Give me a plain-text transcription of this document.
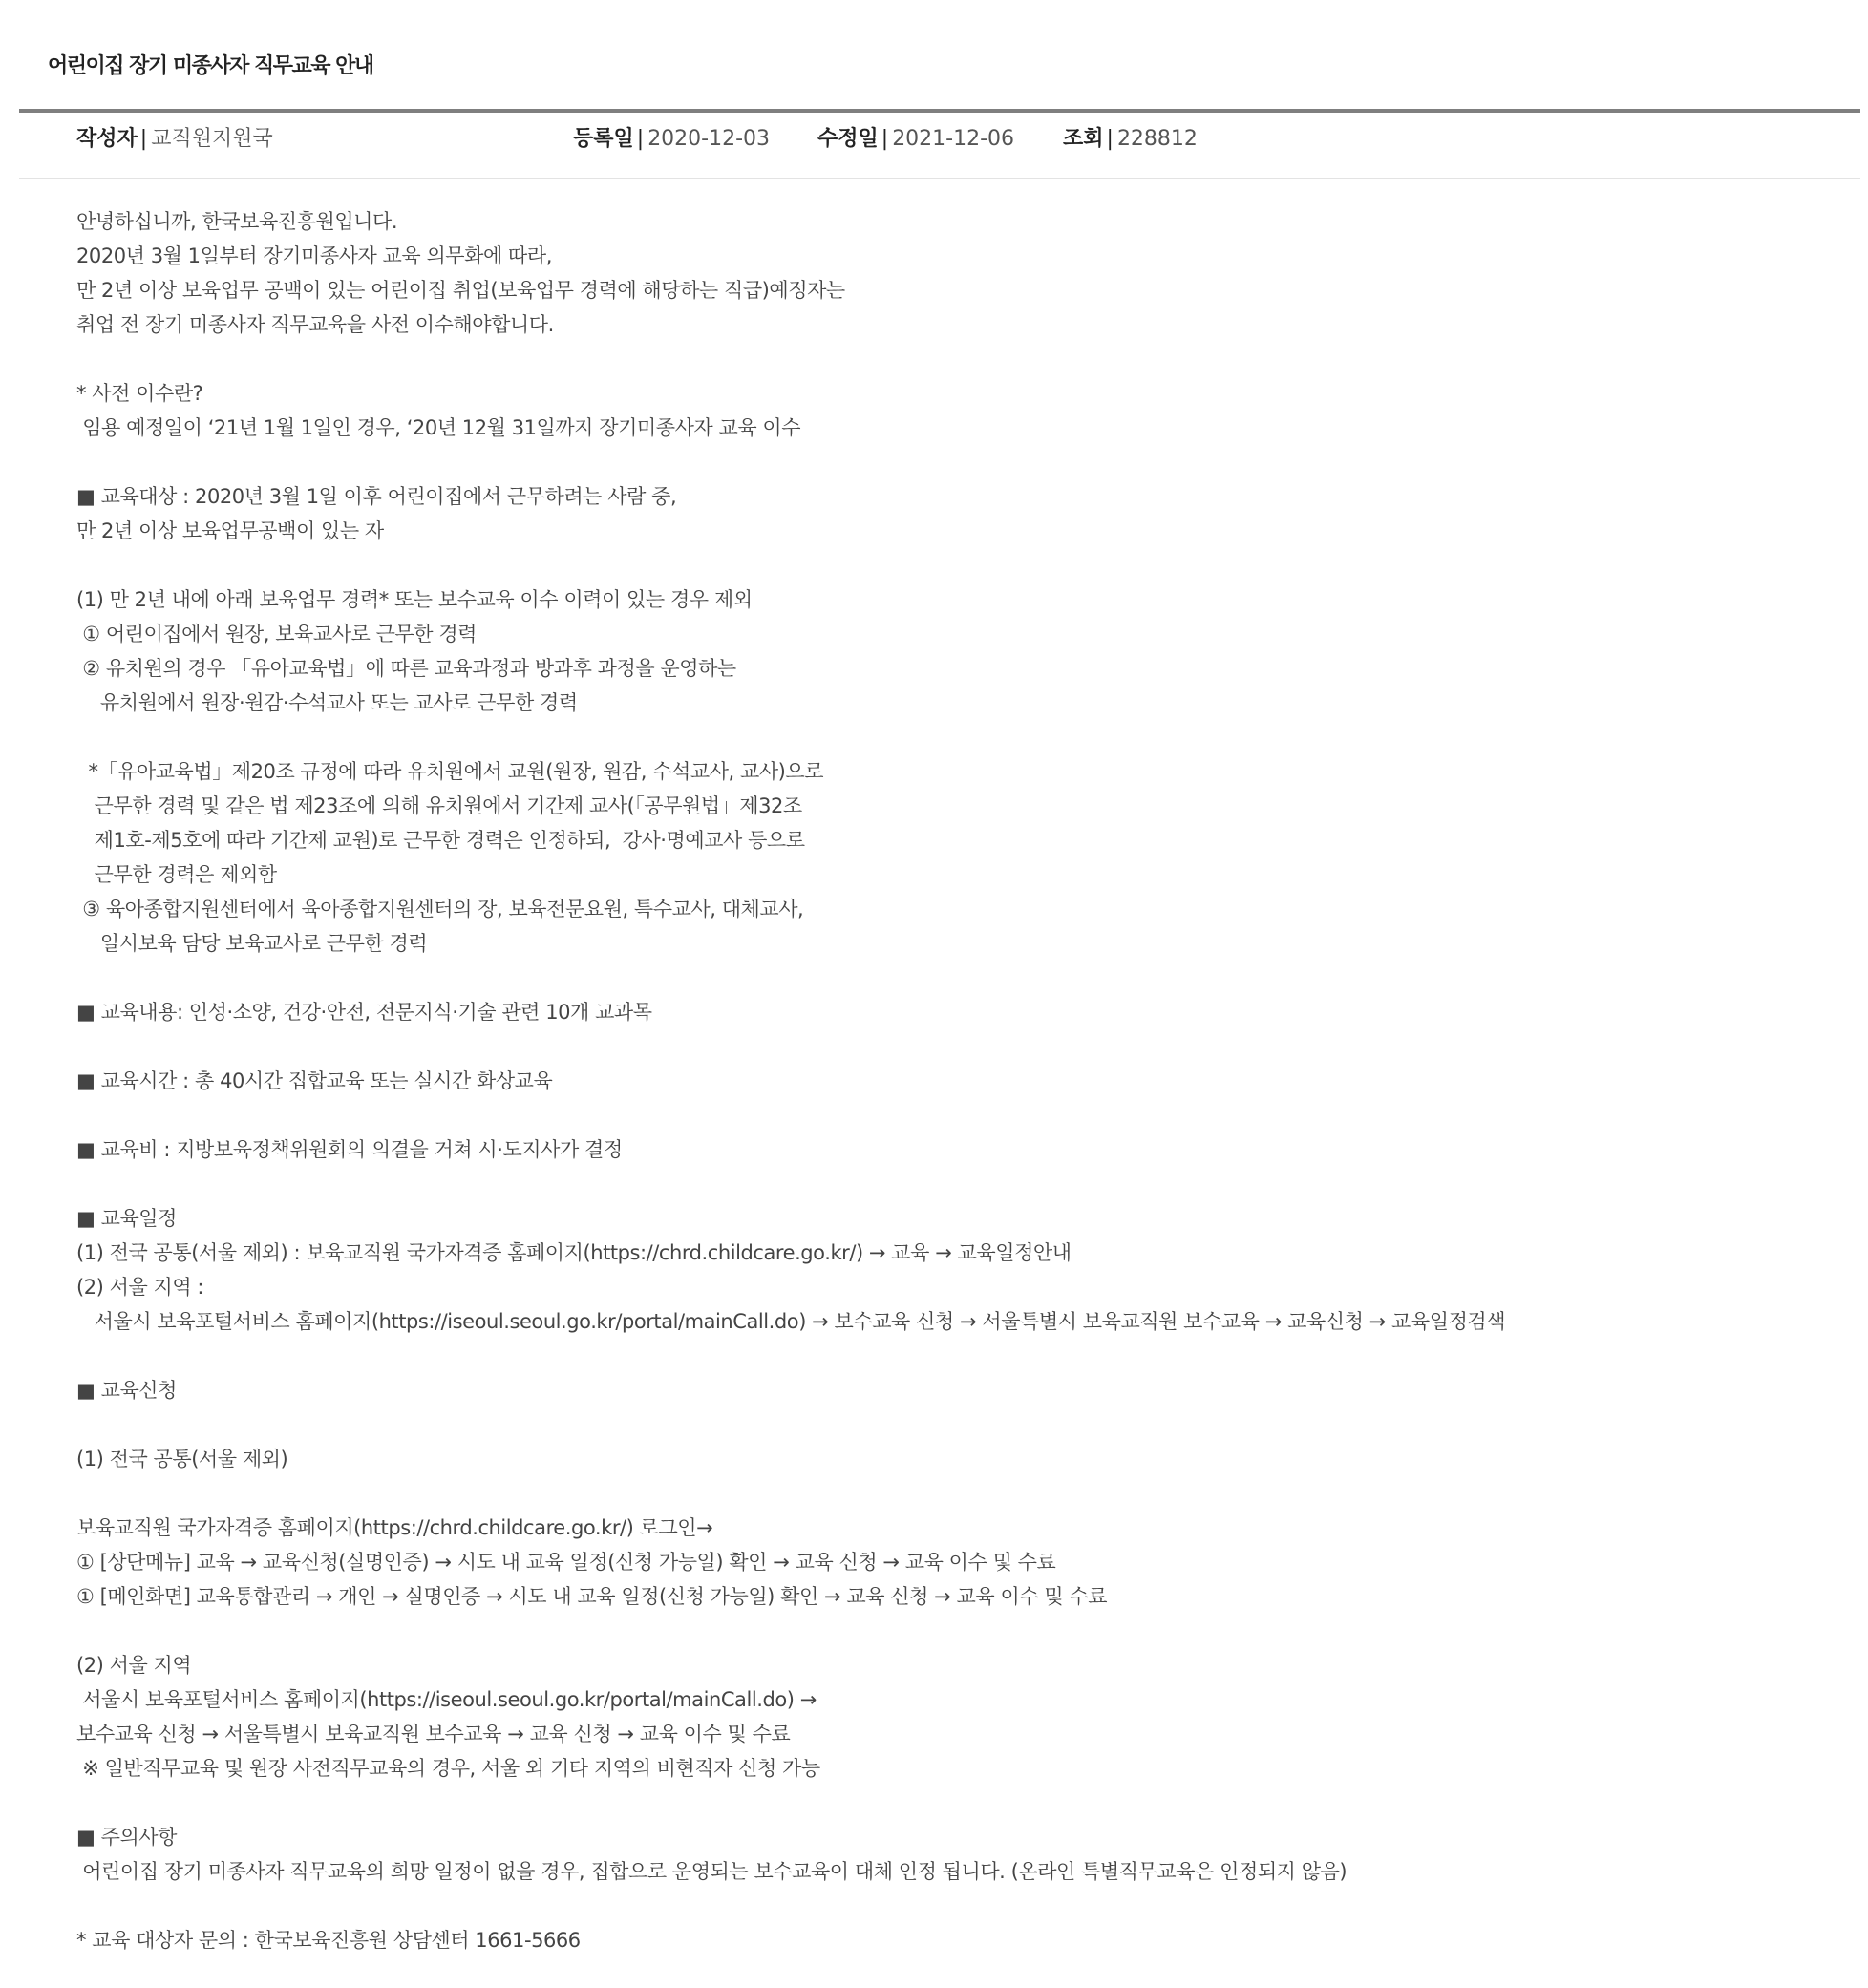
어린이집 장기 미종사자 직무교육 안내
작성자 | 교직원지원국	등록일 | 2020-12-03 수정일 | 2021-12-06 조회 | 228812
안녕하십니까, 한국보육진흥원입니다.
2020년 3월 1일부터 장기미종사자 교육 의무화에 따라,
만 2년 이상 보육업무 공백이 있는 어린이집 취업(보육업무 경력에 해당하는 직급)예정자는
취업 전 장기 미종사자 직무교육을 사전 이수해야합니다.
* 사전 이수란?
임용 예정일이 ‘21년 1월 1일인 경우, ‘20년 12월 31일까지 장기미종사자 교육 이수
■ 교육대상 : 2020년 3월 1일 이후 어린이집에서 근무하려는 사람 중,
만 2년 이상 보육업무공백이 있는 자
(1) 만 2년 내에 아래 보육업무 경력* 또는 보수교육 이수 이력이 있는 경우 제외
① 어린이집에서 원장, 보육교사로 근무한 경력
② 유치원의 경우 「유아교육법」에 따른 교육과정과 방과후 과정을 운영하는
유치원에서 원장·원감·수석교사 또는 교사로 근무한 경력
*「유아교육법」제20조 규정에 따라 유치원에서 교원(원장, 원감, 수석교사, 교사)으로
근무한 경력 및 같은 법 제23조에 의해 유치원에서 기간제 교사(「공무원법」제32조
제1호-제5호에 따라 기간제 교원)로 근무한 경력은 인정하되,  강사·명예교사 등으로
근무한 경력은 제외함
③ 육아종합지원센터에서 육아종합지원센터의 장, 보육전문요원, 특수교사, 대체교사,
일시보육 담당 보육교사로 근무한 경력
■ 교육내용: 인성·소양, 건강·안전, 전문지식·기술 관련 10개 교과목
■ 교육시간 : 총 40시간 집합교육 또는 실시간 화상교육
■ 교육비 : 지방보육정책위원회의 의결을 거쳐 시·도지사가 결정
■ 교육일정
(1) 전국 공통(서울 제외) : 보육교직원 국가자격증 홈페이지(https://chrd.childcare.go.kr/) → 교육 → 교육일정안내
(2) 서울 지역 :
서울시 보육포털서비스 홈페이지(https://iseoul.seoul.go.kr/portal/mainCall.do) → 보수교육 신청 → 서울특별시 보육교직원 보수교육 → 교육신청 → 교육일정검색
■ 교육신청
(1) 전국 공통(서울 제외)
보육교직원 국가자격증 홈페이지(https://chrd.childcare.go.kr/) 로그인→
① [상단메뉴] 교육 → 교육신청(실명인증) → 시도 내 교육 일정(신청 가능일) 확인 → 교육 신청 → 교육 이수 및 수료
① [메인화면] 교육통합관리 → 개인 → 실명인증 → 시도 내 교육 일정(신청 가능일) 확인 → 교육 신청 → 교육 이수 및 수료
(2) 서울 지역
서울시 보육포털서비스 홈페이지(https://iseoul.seoul.go.kr/portal/mainCall.do) →
보수교육 신청 → 서울특별시 보육교직원 보수교육 → 교육 신청 → 교육 이수 및 수료
※ 일반직무교육 및 원장 사전직무교육의 경우, 서울 외 기타 지역의 비현직자 신청 가능
■ 주의사항
어린이집 장기 미종사자 직무교육의 희망 일정이 없을 경우, 집합으로 운영되는 보수교육이 대체 인정 됩니다. (온라인 특별직무교육은 인정되지 않음)
* 교육 대상자 문의 : 한국보육진흥원 상담센터 1661-5666
